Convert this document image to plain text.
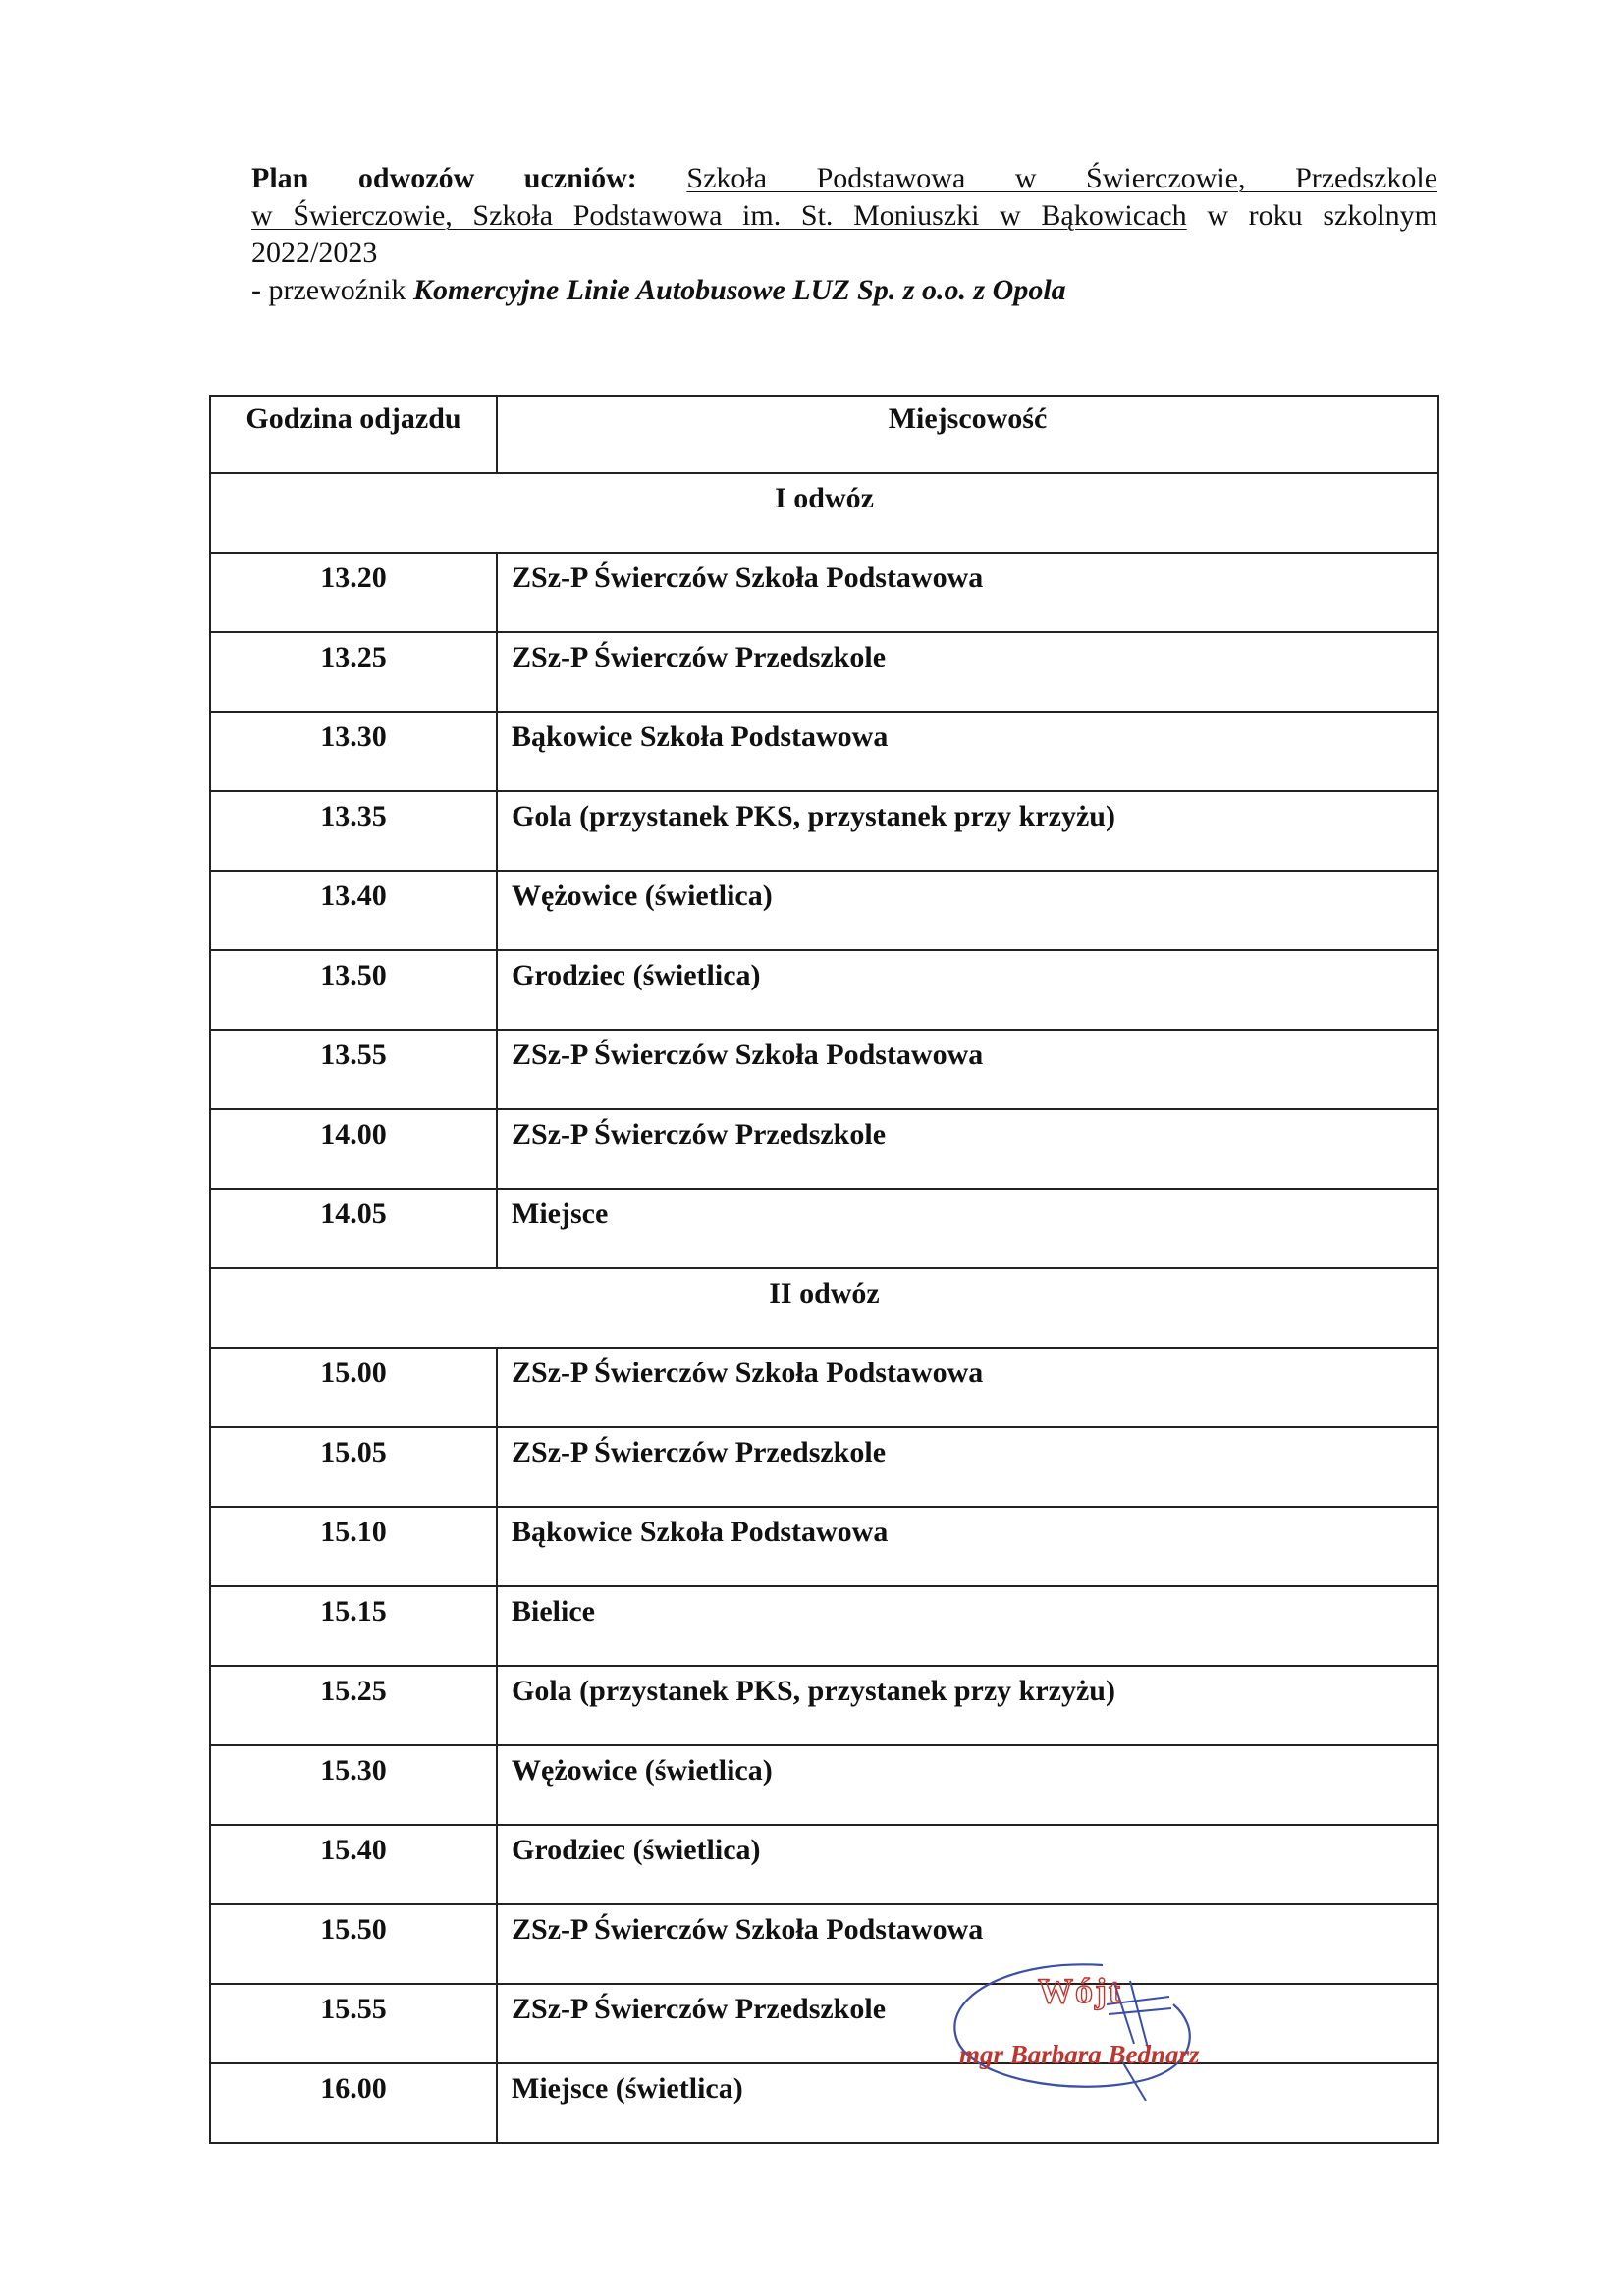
Plan odwozów uczniów: Szkoła Podstawowa w Świerczowie, Przedszkole

w Świerczowie, Szkoła Podstawowa im. St. Moniuszki w Bąkowicach w roku szkolnym

2022/2023

- przewoźnik Komercyjne Linie Autobusowe LUZ Sp. z o.o. z Opola

Godzina odjazdu	Miejscowość
I odwóz	
13.20	ZSz-P Świerczów Szkoła Podstawowa
13.25	ZSz-P Świerczów Przedszkole
13.30	Bąkowice Szkoła Podstawowa
13.35	Gola (przystanek PKS, przystanek przy krzyżu)
13.40	Wężowice (świetlica)
13.50	Grodziec (świetlica)
13.55	ZSz-P Świerczów Szkoła Podstawowa
14.00	ZSz-P Świerczów Przedszkole
14.05	Miejsce
II odwóz	
15.00	ZSz-P Świerczów Szkoła Podstawowa
15.05	ZSz-P Świerczów Przedszkole
15.10	Bąkowice Szkoła Podstawowa
15.15	Bielice
15.25	Gola (przystanek PKS, przystanek przy krzyżu)
15.30	Wężowice (świetlica)
15.40	Grodziec (świetlica)
15.50	ZSz-P Świerczów Szkoła Podstawowa
15.55	ZSz-P Świerczów Przedszkole
16.00	Miejsce (świetlica)
Wójt
mgr Barbara Bednarz
